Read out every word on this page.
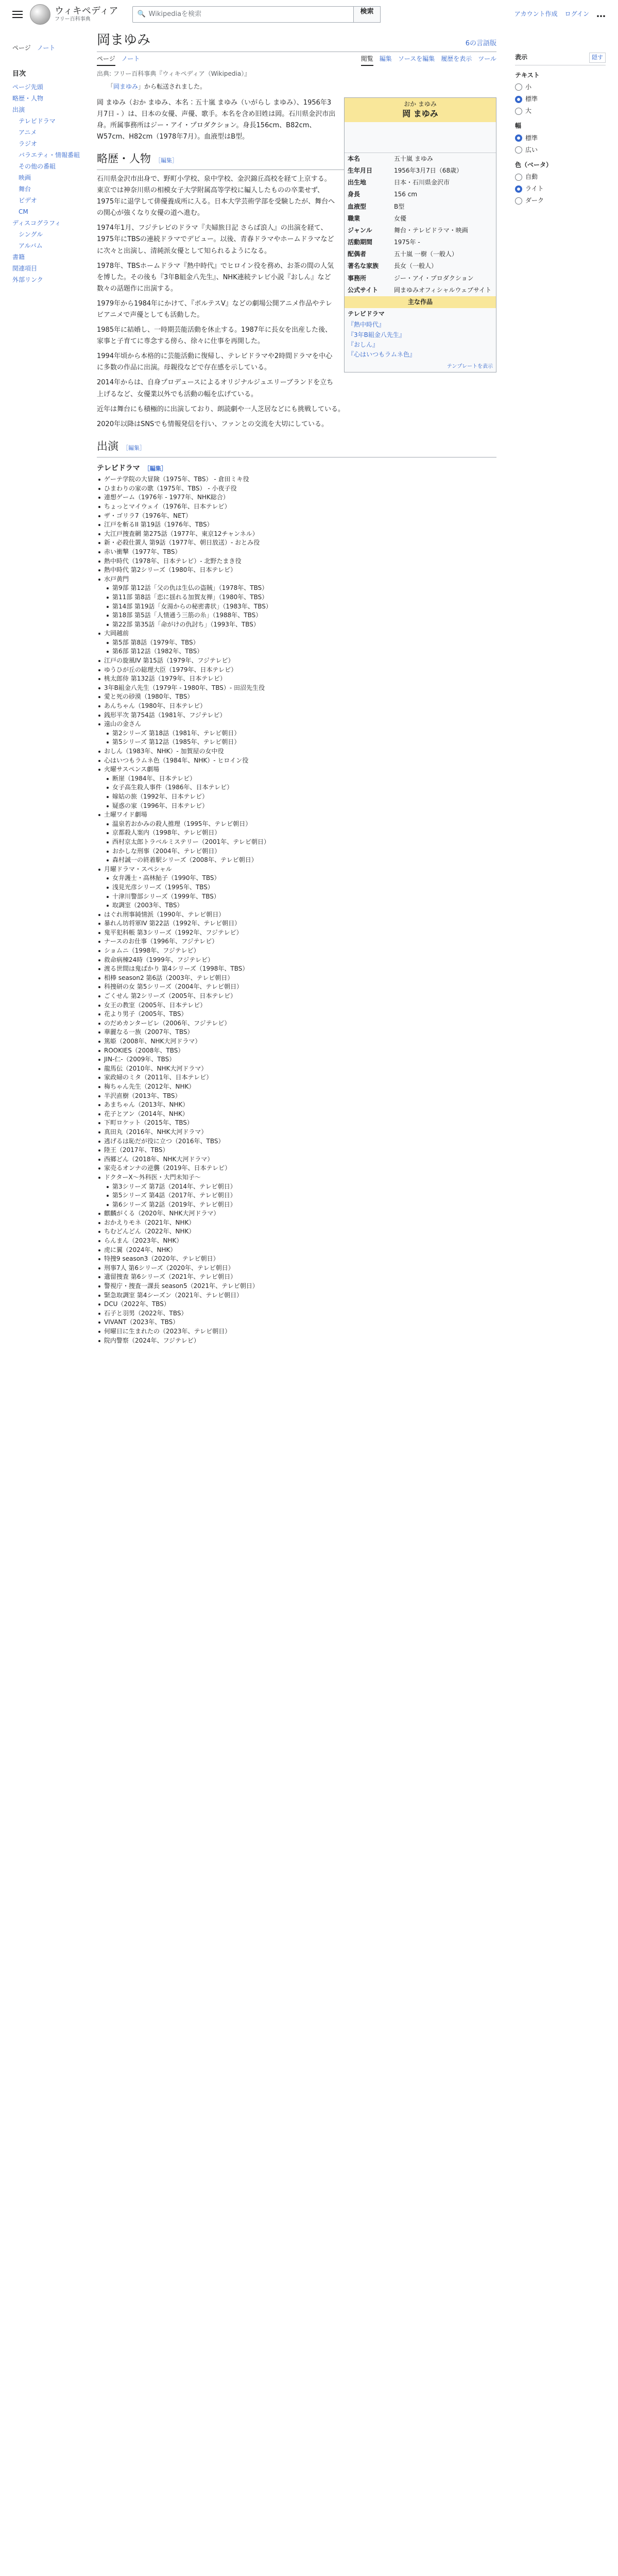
ウィキペディア
フリー百科事典
🔍 Wikipediaを検索	検索	アカウント作成 ログイン …
ページ ノート
目次
ページ先頭
略歴・人物
出演
テレビドラマ
アニメ
ラジオ
バラエティ・情報番組
その他の番組
映画
舞台
ビデオ
CM
ディスコグラフィ
シングル
アルバム
書籍
関連項目
外部リンク
岡まゆみ	6の言語版
ページ ノート	閲覧 編集 ソースを編集 履歴を表示 ツール
出典: フリー百科事典『ウィキペディア（Wikipedia）』
「岡まゆみ」から転送されました。
おか まゆみ
岡 まゆみ
本名	五十嵐 まゆみ
生年月日	1956年3月7日（68歳）
出生地	日本・石川県金沢市
身長	156 cm
血液型	B型
職業	女優
ジャンル	舞台・テレビドラマ・映画
活動期間	1975年 -
配偶者	五十嵐 一樹（一般人）
著名な家族	長女（一般人）
事務所	ジー・アイ・プロダクション
公式サイト	岡まゆみオフィシャルウェブサイト
主な作品
テレビドラマ
『熱中時代』
『3年B組金八先生』
『おしん』
『心はいつもラムネ色』
テンプレートを表示

岡 まゆみ（おか まゆみ、本名：五十嵐 まゆみ（いがらし まゆみ）、1956年3月7日 - ）は、日本の女優、声優、歌手。本名を含め旧姓は岡。石川県金沢市出身。所属事務所はジー・アイ・プロダクション。身長156cm、B82cm、W57cm、H82cm（1978年7月）。血液型はB型。

略歴・人物 ［編集］

石川県金沢市出身で、野町小学校、泉中学校、金沢錦丘高校を経て上京する。東京では神奈川県の相模女子大学附属高等学校に編入したものの卒業せず、1975年に退学して俳優養成所に入る。日本大学芸術学部を受験したが、舞台への関心が強くなり女優の道へ進む。

1974年1月、フジテレビのドラマ『夫婦旅日記 さらば浪人』の出演を経て、1975年にTBSの連続ドラマでデビュー。以後、青春ドラマやホームドラマなどに次々と出演し、清純派女優として知られるようになる。

1978年、TBSホームドラマ『熱中時代』でヒロイン役を務め、お茶の間の人気を博した。その後も『3年B組金八先生』、NHK連続テレビ小説『おしん』など数々の話題作に出演する。

1979年から1984年にかけて、『ボルテスV』などの劇場公開アニメ作品やテレビアニメで声優としても活動した。

1985年に結婚し、一時期芸能活動を休止する。1987年に長女を出産した後、家事と子育てに専念する傍ら、徐々に仕事を再開した。

1994年頃から本格的に芸能活動に復帰し、テレビドラマや2時間ドラマを中心に多数の作品に出演。母親役などで存在感を示している。

2014年からは、自身プロデュースによるオリジナルジュエリーブランドを立ち上げるなど、女優業以外でも活動の幅を広げている。

近年は舞台にも積極的に出演しており、朗読劇や一人芝居などにも挑戦している。

2020年以降はSNSでも情報発信を行い、ファンとの交流を大切にしている。

出演 ［編集］
テレビドラマ ［編集］
ゲーテ学院の大冒険（1975年、TBS） - 倉田ミキ役
ひまわりの家の歌（1975年、TBS） - 小夜子役
連想ゲーム（1976年 - 1977年、NHK総合）
ちょっとマイウェイ（1976年、日本テレビ）
ザ・ゴリラ7（1976年、NET）
江戸を斬るII 第19話（1976年、TBS）
大江戸捜査網 第275話（1977年、東京12チャンネル）
新・必殺仕置人 第9話（1977年、朝日放送）- おとみ役
赤い衝撃（1977年、TBS）
熱中時代（1978年、日本テレビ）- 北野たまき役
熱中時代 第2シリーズ（1980年、日本テレビ）
水戸黄門
第9部 第12話「父の仇は生仏の盗賊」（1978年、TBS）
第11部 第8話「恋に揺れる加賀友禅」（1980年、TBS）
第14部 第19話「女湯からの秘密書状」（1983年、TBS）
第18部 第5話「人情通う三筋の糸」（1988年、TBS）
第22部 第35話「命がけの仇討ち」（1993年、TBS）
大岡越前
第5部 第8話（1979年、TBS）
第6部 第12話（1982年、TBS）
江戸の旋風IV 第15話（1979年、フジテレビ）
ゆうひが丘の総理大臣（1979年、日本テレビ）
桃太郎侍 第132話（1979年、日本テレビ）
3年B組金八先生（1979年 - 1980年、TBS）- 田沼先生役
愛と死の砂漠（1980年、TBS）
あんちゃん（1980年、日本テレビ）
銭形平次 第754話（1981年、フジテレビ）
遠山の金さん
第2シリーズ 第18話（1981年、テレビ朝日）
第5シリーズ 第12話（1985年、テレビ朝日）
おしん（1983年、NHK）- 加賀屋の女中役
心はいつもラムネ色（1984年、NHK）- ヒロイン役
火曜サスペンス劇場
断崖（1984年、日本テレビ）
女子高生殺人事件（1986年、日本テレビ）
嫁姑の旅（1992年、日本テレビ）
疑惑の家（1996年、日本テレビ）
土曜ワイド劇場
温泉若おかみの殺人推理（1995年、テレビ朝日）
京都殺人案内（1998年、テレビ朝日）
西村京太郎トラベルミステリー（2001年、テレビ朝日）
おかしな刑事（2004年、テレビ朝日）
森村誠一の終着駅シリーズ（2008年、テレビ朝日）
月曜ドラマ・スペシャル
女弁護士・高林鮎子（1990年、TBS）
浅見光彦シリーズ（1995年、TBS）
十津川警部シリーズ（1999年、TBS）
取調室（2003年、TBS）
はぐれ刑事純情派（1990年、テレビ朝日）
暴れん坊将軍IV 第22話（1992年、テレビ朝日）
鬼平犯科帳 第3シリーズ（1992年、フジテレビ）
ナースのお仕事（1996年、フジテレビ）
ショムニ（1998年、フジテレビ）
救命病棟24時（1999年、フジテレビ）
渡る世間は鬼ばかり 第4シリーズ（1998年、TBS）
相棒 season2 第6話（2003年、テレビ朝日）
科捜研の女 第5シリーズ（2004年、テレビ朝日）
ごくせん 第2シリーズ（2005年、日本テレビ）
女王の教室（2005年、日本テレビ）
花より男子（2005年、TBS）
のだめカンタービレ（2006年、フジテレビ）
華麗なる一族（2007年、TBS）
篤姫（2008年、NHK大河ドラマ）
ROOKIES（2008年、TBS）
JIN-仁-（2009年、TBS）
龍馬伝（2010年、NHK大河ドラマ）
家政婦のミタ（2011年、日本テレビ）
梅ちゃん先生（2012年、NHK）
半沢直樹（2013年、TBS）
あまちゃん（2013年、NHK）
花子とアン（2014年、NHK）
下町ロケット（2015年、TBS）
真田丸（2016年、NHK大河ドラマ）
逃げるは恥だが役に立つ（2016年、TBS）
陸王（2017年、TBS）
西郷どん（2018年、NHK大河ドラマ）
家売るオンナの逆襲（2019年、日本テレビ）
ドクターX〜外科医・大門未知子〜
第3シリーズ 第7話（2014年、テレビ朝日）
第5シリーズ 第4話（2017年、テレビ朝日）
第6シリーズ 第2話（2019年、テレビ朝日）
麒麟がくる（2020年、NHK大河ドラマ）
おかえりモネ（2021年、NHK）
ちむどんどん（2022年、NHK）
らんまん（2023年、NHK）
虎に翼（2024年、NHK）
特捜9 season3（2020年、テレビ朝日）
刑事7人 第6シリーズ（2020年、テレビ朝日）
遺留捜査 第6シリーズ（2021年、テレビ朝日）
警視庁・捜査一課長 season5（2021年、テレビ朝日）
緊急取調室 第4シーズン（2021年、テレビ朝日）
DCU（2022年、TBS）
石子と羽男（2022年、TBS）
VIVANT（2023年、TBS）
何曜日に生まれたの（2023年、テレビ朝日）
院内警察（2024年、フジテレビ）
表示	隠す
テキスト
小
標準
大
幅
標準
広い
色（ベータ）
自動
ライト
ダーク
